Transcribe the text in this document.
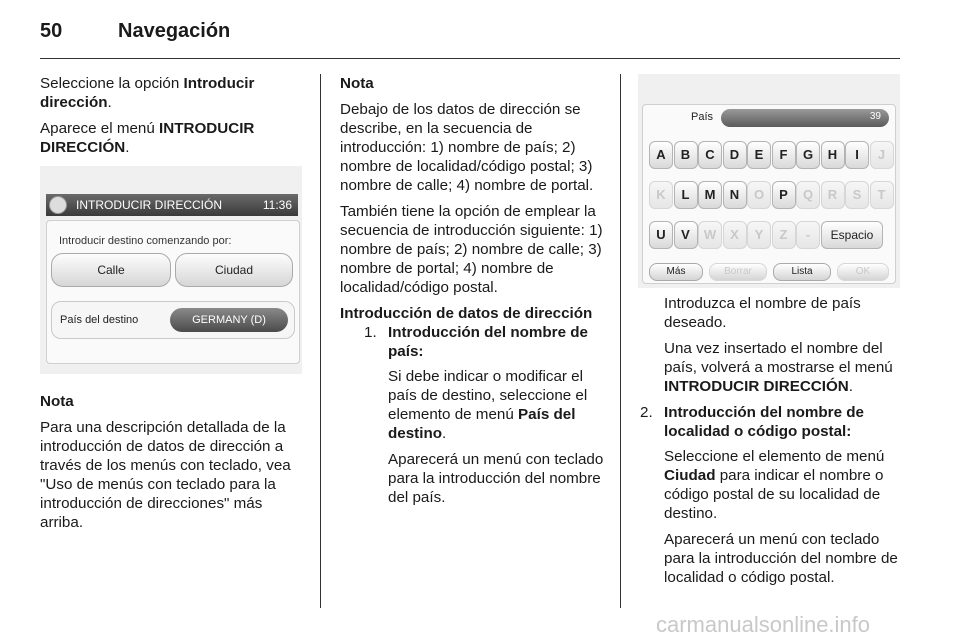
50	Navegación

Seleccione la opción Introducir dirección.

Aparece el menú INTRODUCIR DIRECCIÓN.

INTRODUCIR DIRECCIÓN	11:36
Introducir destino comenzando por:
Calle	Ciudad
País del destino	GERMANY (D)

Nota

Para una descripción detallada de la introducción de datos de dirección a través de los menús con teclado, vea "Uso de menús con teclado para la introducción de direcciones" más arriba.

Nota

Debajo de los datos de dirección se describe, en la secuencia de introducción: 1) nombre de país; 2) nombre de localidad/código postal; 3) nombre de calle; 4) nombre de portal.

También tiene la opción de emplear la secuencia de introducción siguiente: 1) nombre de país; 2) nombre de calle; 3) nombre de portal; 4) nombre de localidad/código postal.

Introducción de datos de dirección

1. Introducción del nombre de país:

Si debe indicar o modificar el país de destino, seleccione el elemento de menú País del destino.

Aparecerá un menú con teclado para la introducción del nombre del país.

País	39
A	B	C	D	E	F	G	H	I	J
K	L	M	N	O	P	Q	R	S	T
U	V	W	X	Y	Z	-	Espacio
Más	Borrar	Lista	OK

Introduzca el nombre de país deseado.

Una vez insertado el nombre del país, volverá a mostrarse el menú INTRODUCIR DIRECCIÓN.

2. Introducción del nombre de localidad o código postal:

Seleccione el elemento de menú Ciudad para indicar el nombre o código postal de su localidad de destino.

Aparecerá un menú con teclado para la introducción del nombre de localidad o código postal.

carmanualsonline.info
